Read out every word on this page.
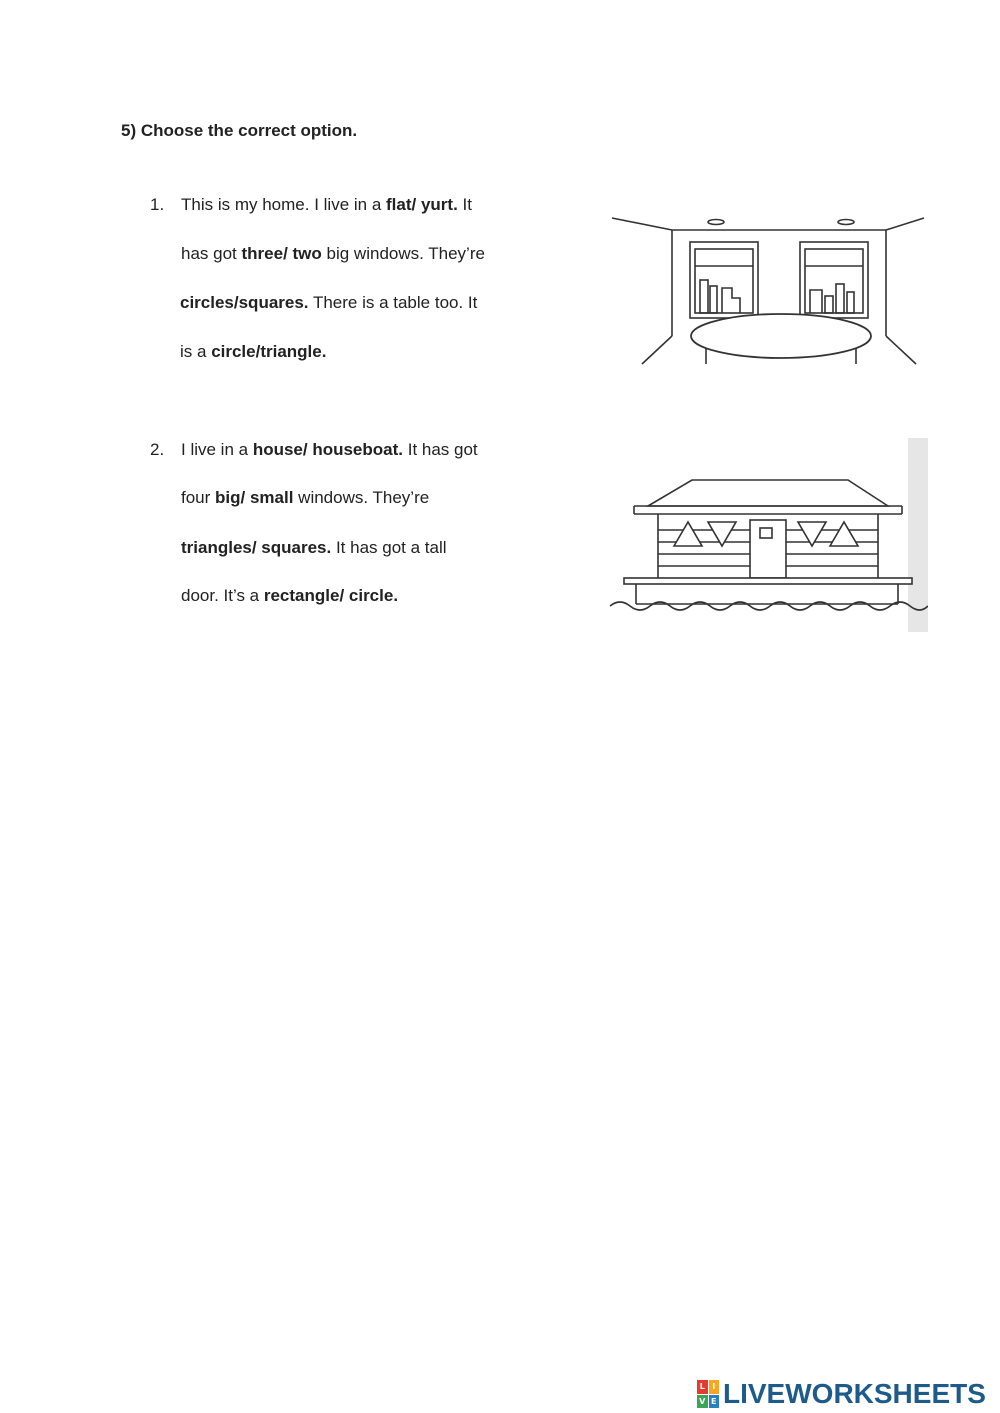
5) Choose the correct option.
1. This is my home. I live in a flat/ yurt. It
has got three/ two big windows. They’re
circles/squares. There is a table too. It
is a circle/triangle.
2. I live in a house/ houseboat. It has got
four big/ small windows. They’re
triangles/ squares. It has got a tall
door. It’s a rectangle/ circle.
L I
V E LIVEWORKSHEETS
